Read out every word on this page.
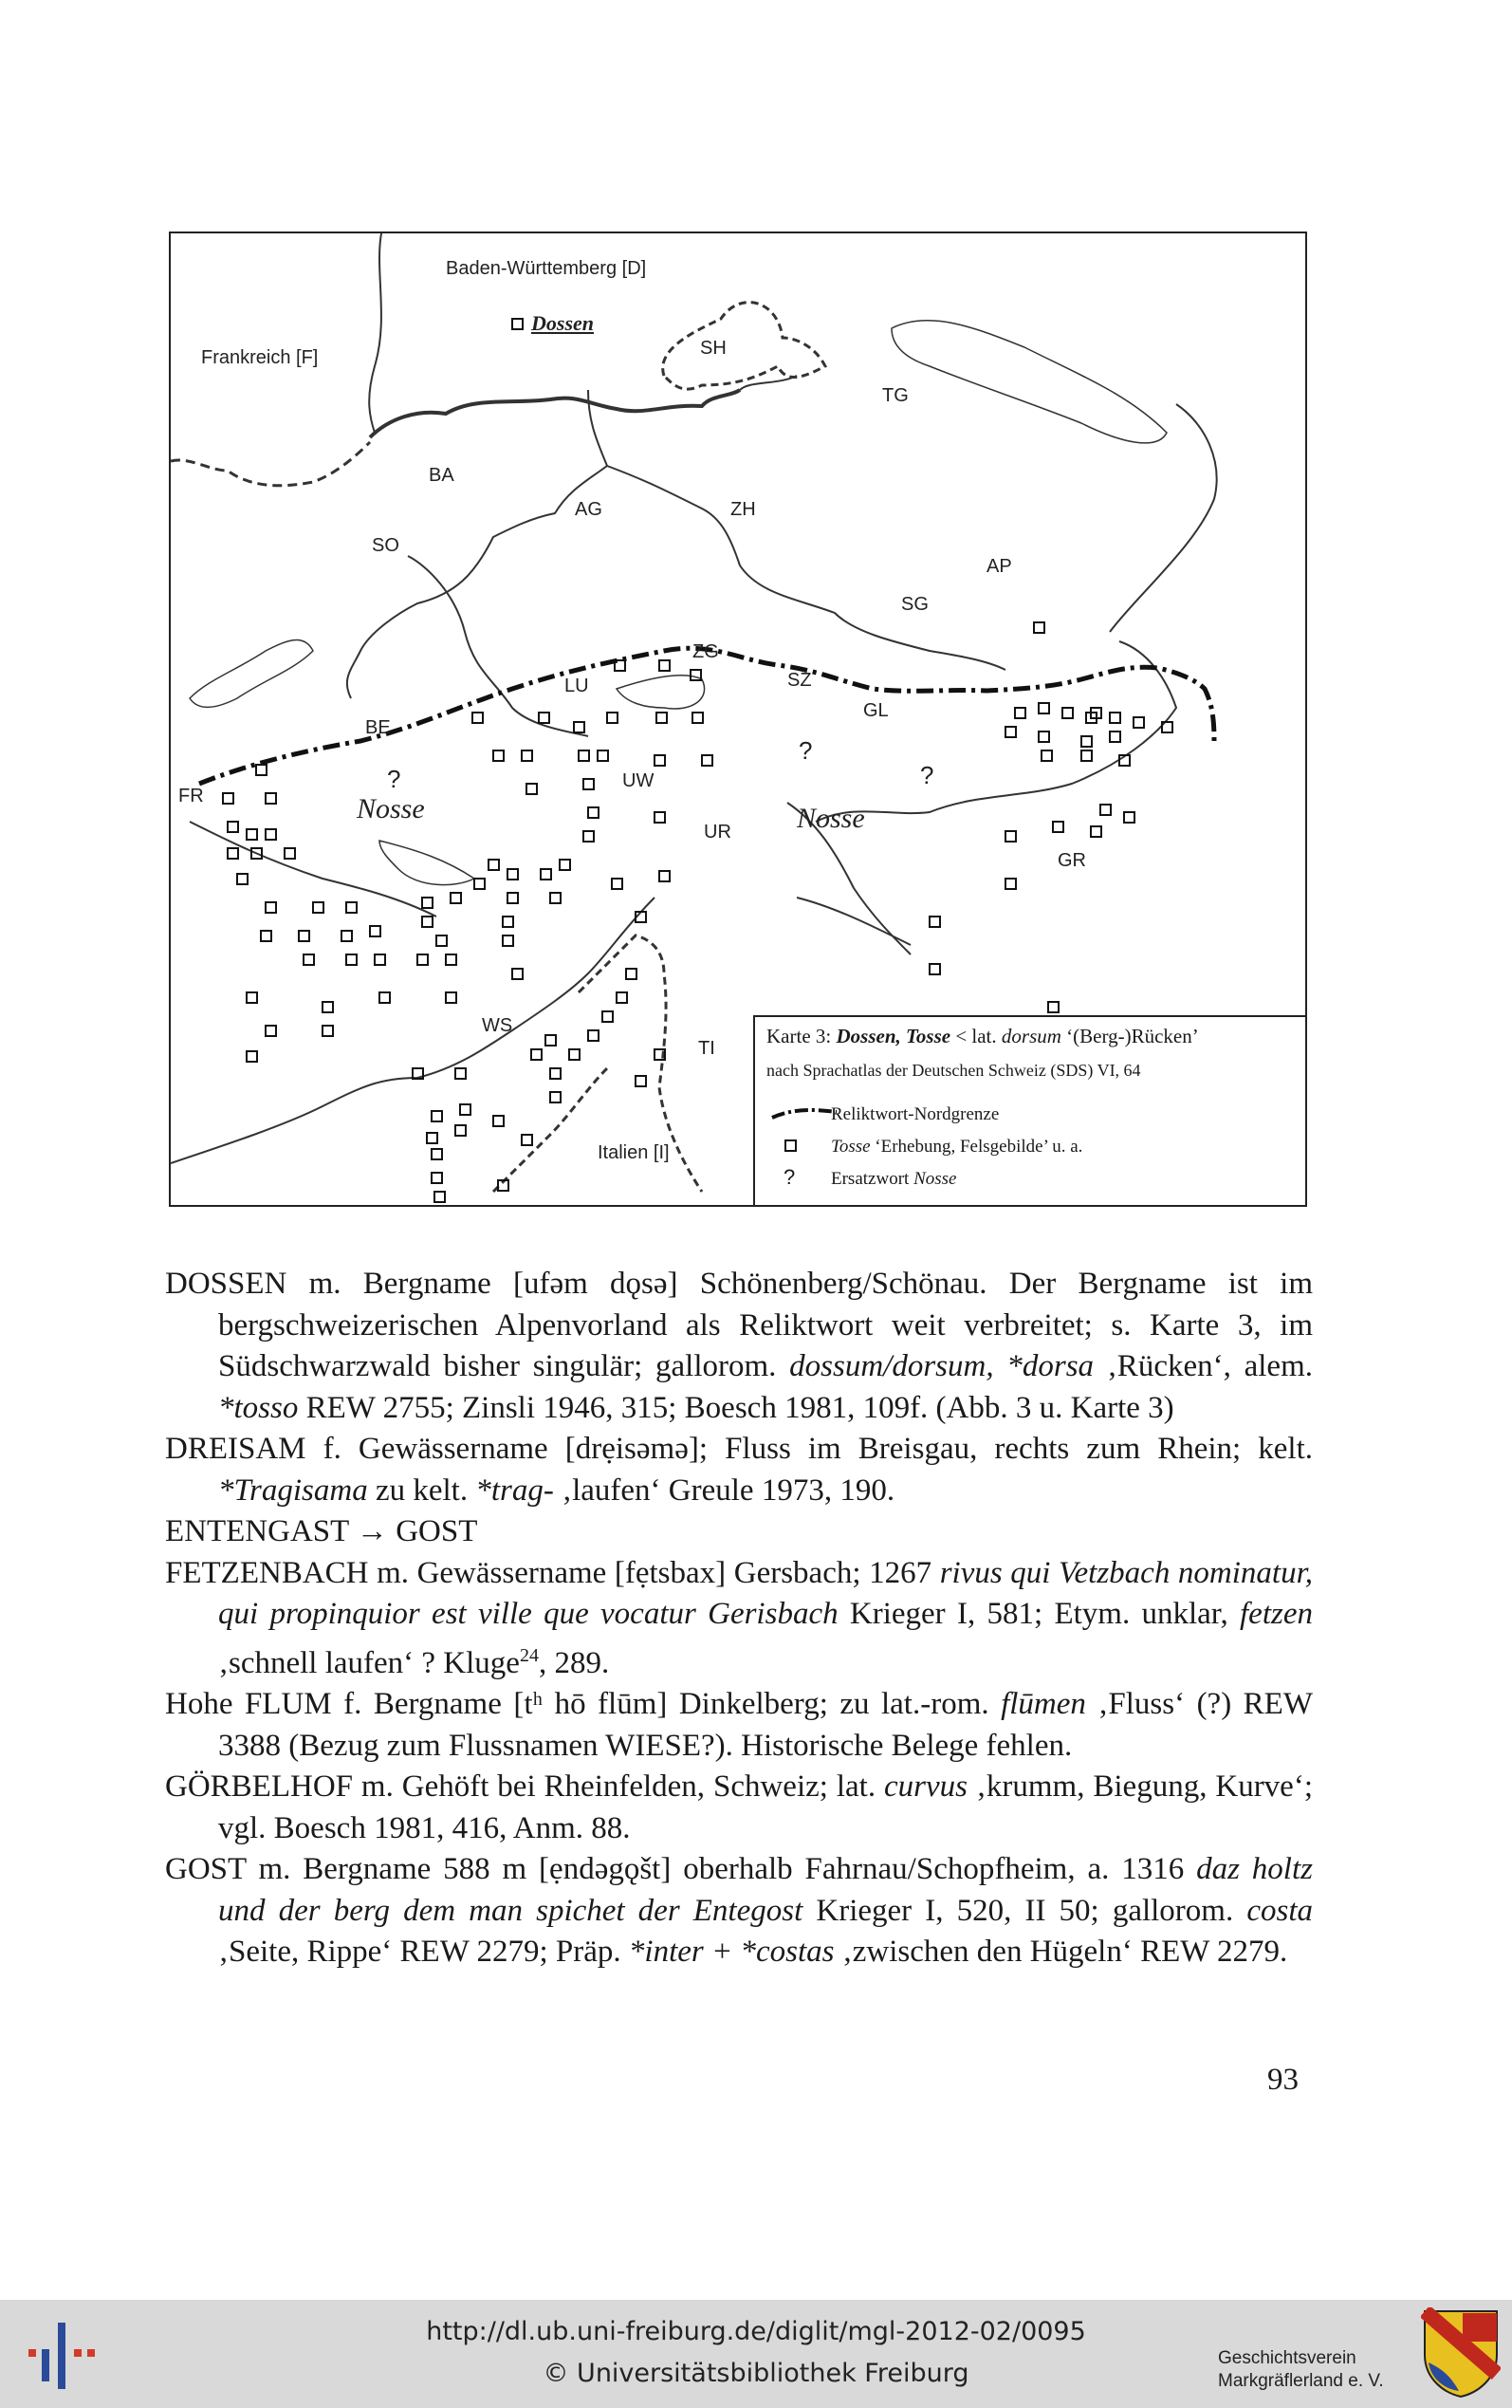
Baden-Württemberg [D]
Dossen
Frankreich [F]	SH
TG
BA
AG	ZH
SO
AP
SG
ZG
LU	SZ
BE
GL
?
?
?
FR
UW
Nosse
UR Nosse
GR
WS
TI
Italien [I]
Karte 3: Dossen, Tosse < lat. dorsum ‘(Berg-)Rücken’
nach Sprachatlas der Deutschen Schweiz (SDS) VI, 64
Reliktwort-Nordgrenze
Tosse ‘Erhebung, Felsgebilde’ u. a.
? Ersatzwort Nosse
DOSSEN m. Bergname [ufəm dǫsə] Schönenberg/Schönau. Der Bergname ist im bergschweizerischen Alpenvorland als Reliktwort weit verbreitet; s. Karte 3, im Südschwarzwald bisher singulär; gallorom. dossum/dorsum, *dorsa ‚Rücken‘, alem. *tosso REW 2755; Zinsli 1946, 315; Boesch 1981, 109f. (Abb. 3 u. Karte 3)
DREISAM f. Gewässername [drẹisəmə]; Fluss im Breisgau, rechts zum Rhein; kelt. *Tragisama zu kelt. *trag- ‚laufen‘ Greule 1973, 190.
ENTENGAST → GOST
FETZENBACH m. Gewässername [fẹtsbax] Gersbach; 1267 rivus qui Vetzbach nominatur, qui propinquior est ville que vocatur Gerisbach Krieger I, 581; Etym. unklar, fetzen ‚schnell laufen‘ ? Kluge$^{24}$, 289.
Hohe FLUM f. Bergname [tʰ hō flūm] Dinkelberg; zu lat.-rom. flūmen ‚Fluss‘ (?) REW 3388 (Bezug zum Flussnamen WIESE?). Historische Belege fehlen.
GÖRBELHOF m. Gehöft bei Rheinfelden, Schweiz; lat. curvus ‚krumm, Biegung, Kurve‘; vgl. Boesch 1981, 416, Anm. 88.
GOST m. Bergname 588 m [ẹndəgǫšt] oberhalb Fahrnau/Schopfheim, a. 1316 daz holtz und der berg dem man spichet der Entegost Krieger I, 520, II 50; gallorom. costa ‚Seite, Rippe‘ REW 2279; Präp. *inter + *costas ‚zwischen den Hügeln‘ REW 2279.
93
http://dl.ub.uni-freiburg.de/diglit/mgl-2012-02/0095
© Universitätsbibliothek Freiburg
Geschichtsverein
Markgräflerland e. V.
